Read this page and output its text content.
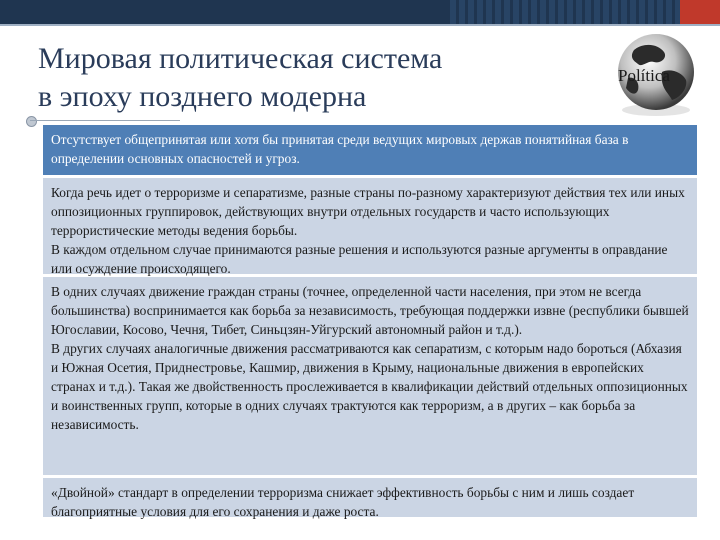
Мировая политическая система
в эпоху позднего модерна
Política

Отсутствует общепринятая или хотя бы принятая среди ведущих мировых держав понятийная база в определении основных опасностей и угроз.

Когда речь идет о терроризме и сепаратизме, разные страны по-разному характеризуют действия тех или иных оппозиционных группировок, действующих внутри отдельных государств и часто использующих террористические методы ведения борьбы.

В каждом отдельном случае принимаются разные решения и используются разные аргументы в оправдание или осуждение происходящего.

В одних случаях движение граждан страны (точнее, определенной части населения, при этом не всегда большинства) воспринимается как борьба за независимость, требующая поддержки извне (республики бывшей Югославии, Косово, Чечня, Тибет, Синьцзян-Уйгурский автономный район и т.д.).

В других случаях аналогичные движения рассматриваются как сепаратизм, с которым надо бороться (Абхазия и Южная Осетия, Приднестровье, Кашмир, движения в Крыму, национальные движения в европейских странах и т.д.). Такая же двойственность прослеживается в квалификации действий отдельных оппозиционных и воинственных групп, которые в одних случаях трактуются как терроризм, а в других – как борьба за независимость.

«Двойной» стандарт в определении терроризма снижает эффективность борьбы с ним и лишь создает благоприятные условия для его сохранения и даже роста.
